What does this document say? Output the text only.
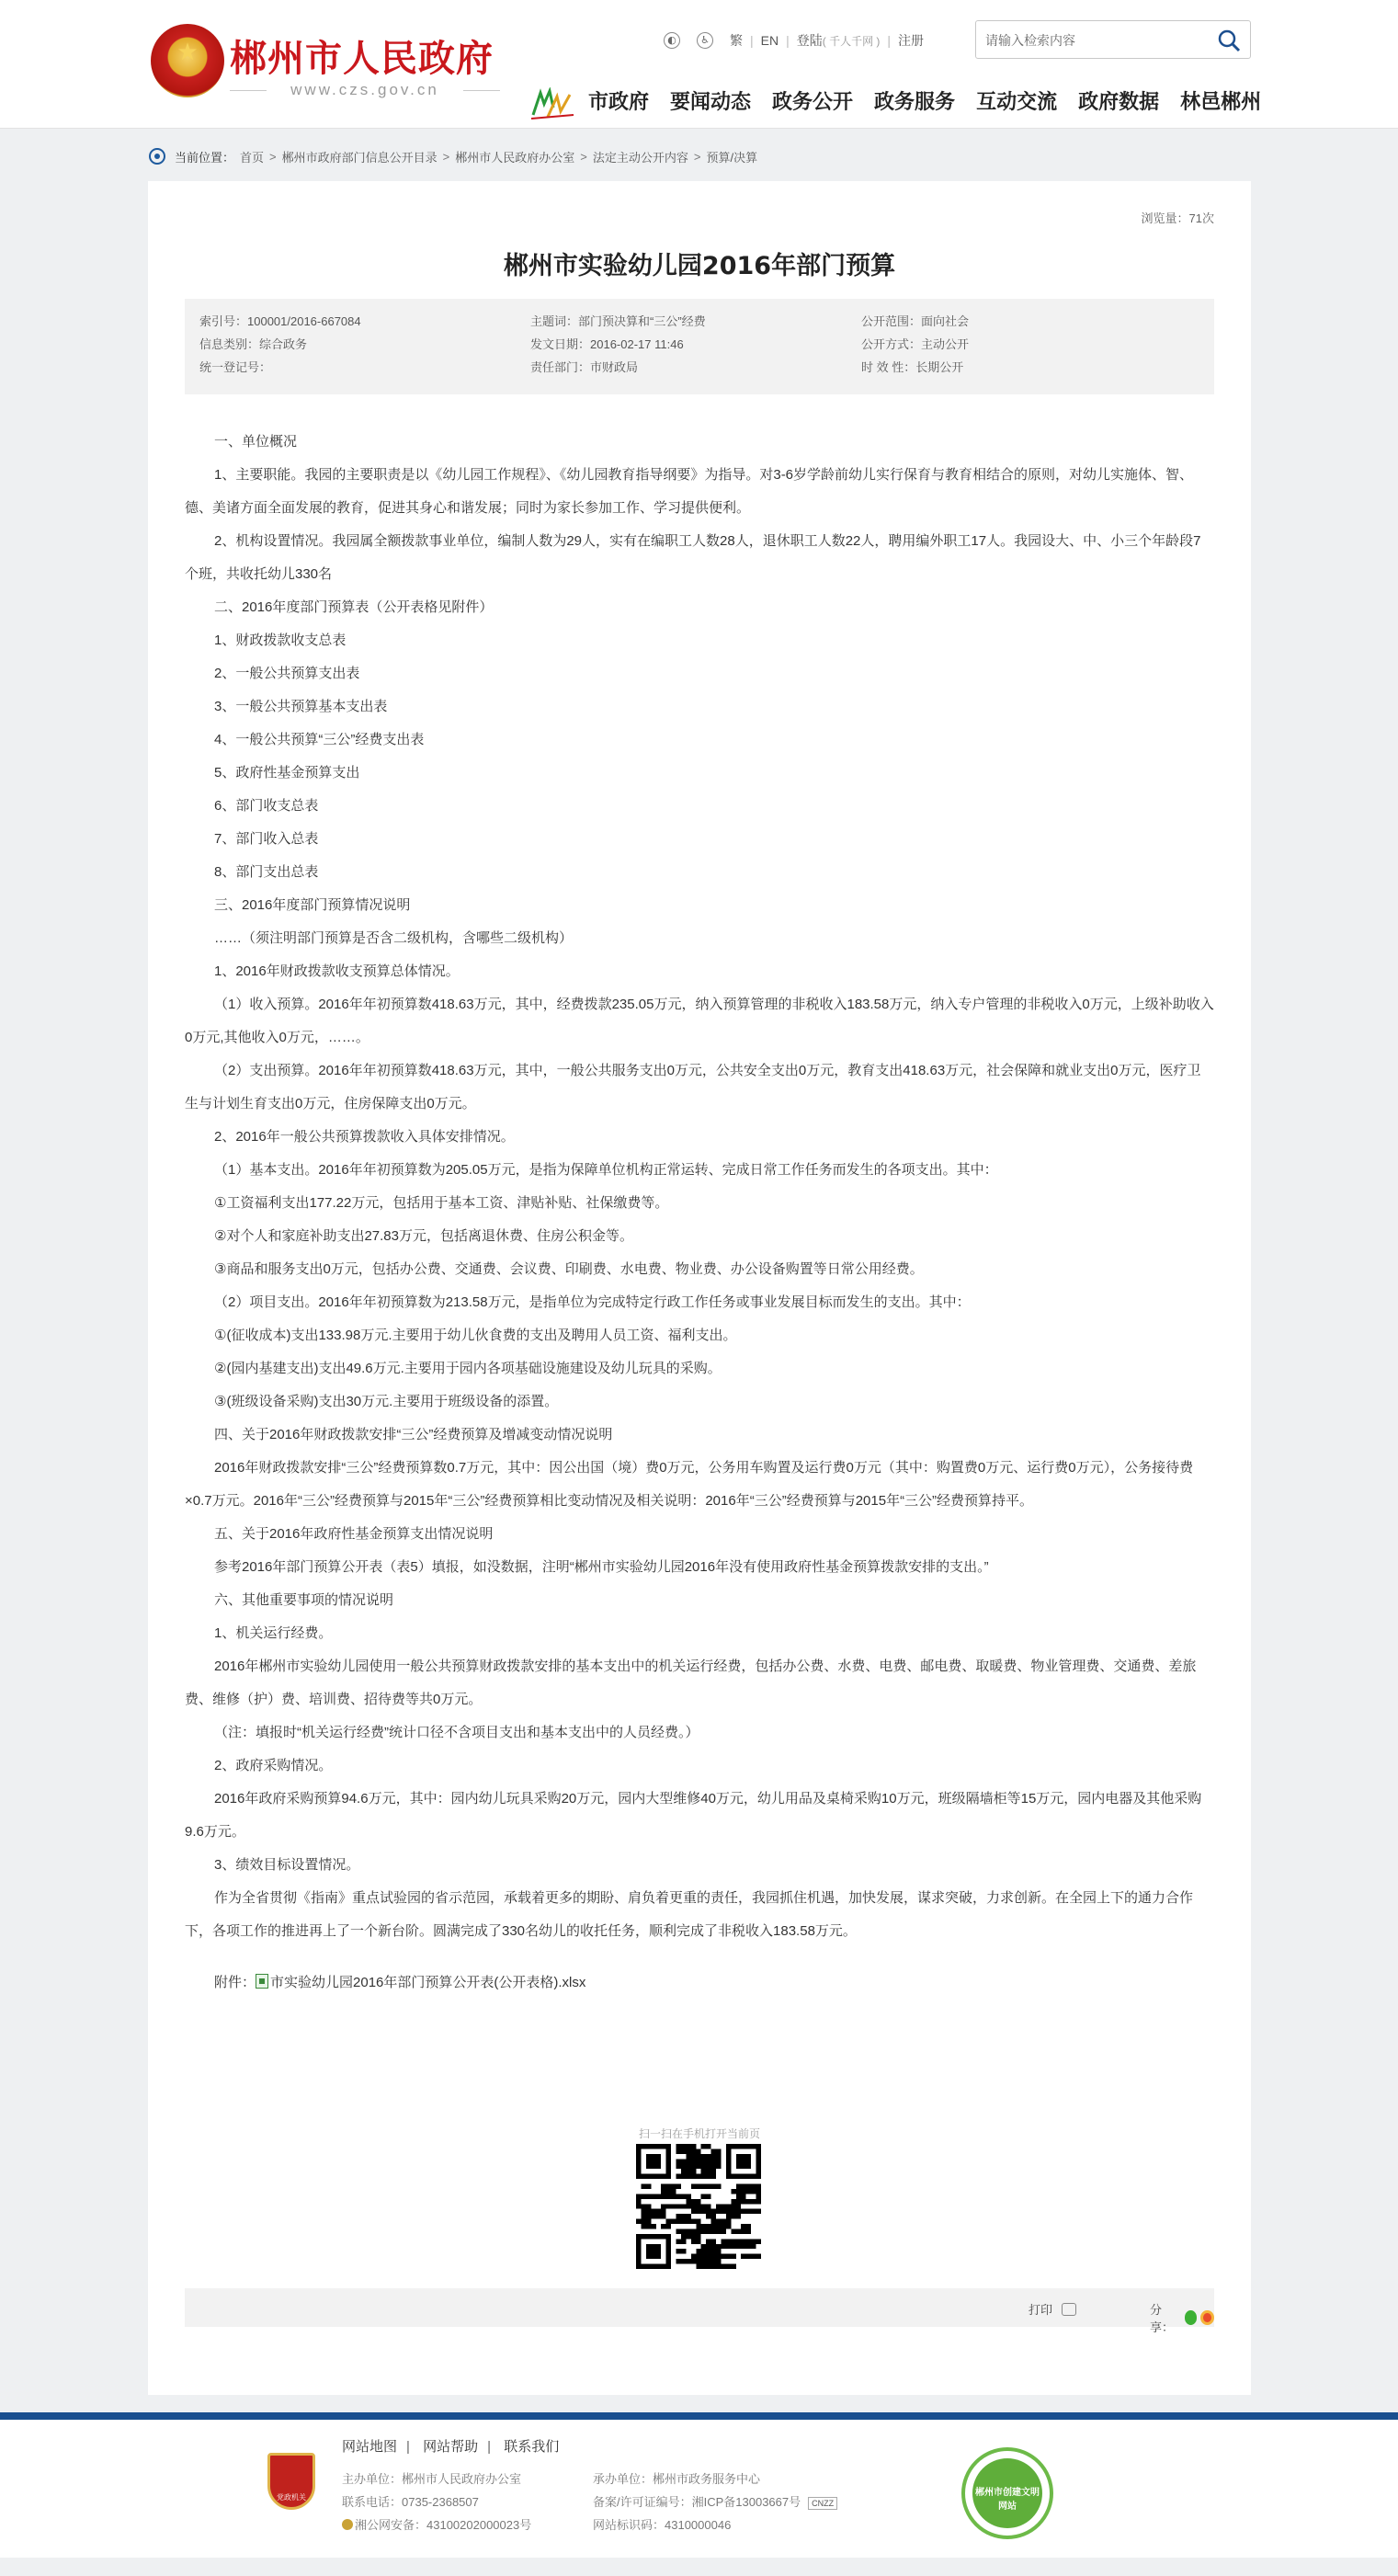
★ 郴州市人民政府
www.czs.gov.cn
◐	♿ 繁 | EN | 登陆 ( 千人千网 ) | 注册
请输入检索内容
市政府 要闻动态 政务公开 政务服务 互动交流 政府数据 林邑郴州
当前位置： 首页 > 郴州市政府部门信息公开目录 > 郴州市人民政府办公室 > 法定主动公开内容 > 预算/决算
浏览量：71次
郴州市实验幼儿园2016年部门预算
索引号：100001/2016-667084	主题词：部门预决算和“三公”经费	公开范围：面向社会
信息类别：综合政务	发文日期：2016-02-17 11:46	公开方式：主动公开
统一登记号：	责任部门：市财政局	时 效 性：长期公开

一、单位概况

1、主要职能。我园的主要职责是以《幼儿园工作规程》、《幼儿园教育指导纲要》为指导。对3-6岁学龄前幼儿实行保育与教育相结合的原则，对幼儿实施体、智、德、美诸方面全面发展的教育，促进其身心和谐发展；同时为家长参加工作、学习提供便利。

2、机构设置情况。我园属全额拨款事业单位，编制人数为29人，实有在编职工人数28人，退休职工人数22人，聘用编外职工17人。我园设大、中、小三个年龄段7个班，共收托幼儿330名

二、2016年度部门预算表（公开表格见附件）

1、财政拨款收支总表

2、一般公共预算支出表

3、一般公共预算基本支出表

4、一般公共预算“三公”经费支出表

5、政府性基金预算支出

6、部门收支总表

7、部门收入总表

8、部门支出总表

三、2016年度部门预算情况说明

……（须注明部门预算是否含二级机构，含哪些二级机构）

1、2016年财政拨款收支预算总体情况。

（1）收入预算。2016年年初预算数418.63万元，其中，经费拨款235.05万元，纳入预算管理的非税收入183.58万元，纳入专户管理的非税收入0万元，上级补助收入0万元,其他收入0万元，……。

（2）支出预算。2016年年初预算数418.63万元，其中，一般公共服务支出0万元，公共安全支出0万元，教育支出418.63万元，社会保障和就业支出0万元，医疗卫生与计划生育支出0万元，住房保障支出0万元。

2、2016年一般公共预算拨款收入具体安排情况。

（1）基本支出。2016年年初预算数为205.05万元，是指为保障单位机构正常运转、完成日常工作任务而发生的各项支出。其中：

①工资福利支出177.22万元，包括用于基本工资、津贴补贴、社保缴费等。

②对个人和家庭补助支出27.83万元，包括离退休费、住房公积金等。

③商品和服务支出0万元，包括办公费、交通费、会议费、印刷费、水电费、物业费、办公设备购置等日常公用经费。

（2）项目支出。2016年年初预算数为213.58万元，是指单位为完成特定行政工作任务或事业发展目标而发生的支出。其中：

①(征收成本)支出133.98万元.主要用于幼儿伙食费的支出及聘用人员工资、福利支出。

②(园内基建支出)支出49.6万元.主要用于园内各项基础设施建设及幼儿玩具的采购。

③(班级设备采购)支出30万元.主要用于班级设备的添置。

四、关于2016年财政拨款安排“三公”经费预算及增减变动情况说明

2016年财政拨款安排“三公”经费预算数0.7万元，其中：因公出国（境）费0万元，公务用车购置及运行费0万元（其中：购置费0万元、运行费0万元），公务接待费×0.7万元。2016年“三公”经费预算与2015年“三公”经费预算相比变动情况及相关说明：2016年“三公”经费预算与2015年“三公”经费预算持平。

五、关于2016年政府性基金预算支出情况说明

参考2016年部门预算公开表（表5）填报，如没数据，注明“郴州市实验幼儿园2016年没有使用政府性基金预算拨款安排的支出。”

六、其他重要事项的情况说明

1、机关运行经费。

2016年郴州市实验幼儿园使用一般公共预算财政拨款安排的基本支出中的机关运行经费，包括办公费、水费、电费、邮电费、取暖费、物业管理费、交通费、差旅费、维修（护）费、培训费、招待费等共0万元。

（注：填报时“机关运行经费”统计口径不含项目支出和基本支出中的人员经费。）

2、政府采购情况。

2016年政府采购预算94.6万元，其中：园内幼儿玩具采购20万元，园内大型维修40万元，幼儿用品及桌椅采购10万元，班级隔墙柜等15万元，园内电器及其他采购9.6万元。

3、绩效目标设置情况。

作为全省贯彻《指南》重点试验园的省示范园，承载着更多的期盼、肩负着更重的责任，我园抓住机遇，加快发展，谋求突破，力求创新。在全园上下的通力合作下，各项工作的推进再上了一个新台阶。圆满完成了330名幼儿的收托任务，顺利完成了非税收入183.58万元。

附件： 市实验幼儿园2016年部门预算公开表(公开表格).xlsx

扫一扫在手机打开当前页
打印	分享：
党政机关
网站地图 | 网站帮助 | 联系我们
主办单位：郴州市人民政府办公室
联系电话：0735-2368507
湘公网安备：43100202000023号
承办单位：郴州市政务服务中心
备案/许可证编号：湘ICP备13003667号 CNZZ
网站标识码：4310000046
郴州市创建文明网站
